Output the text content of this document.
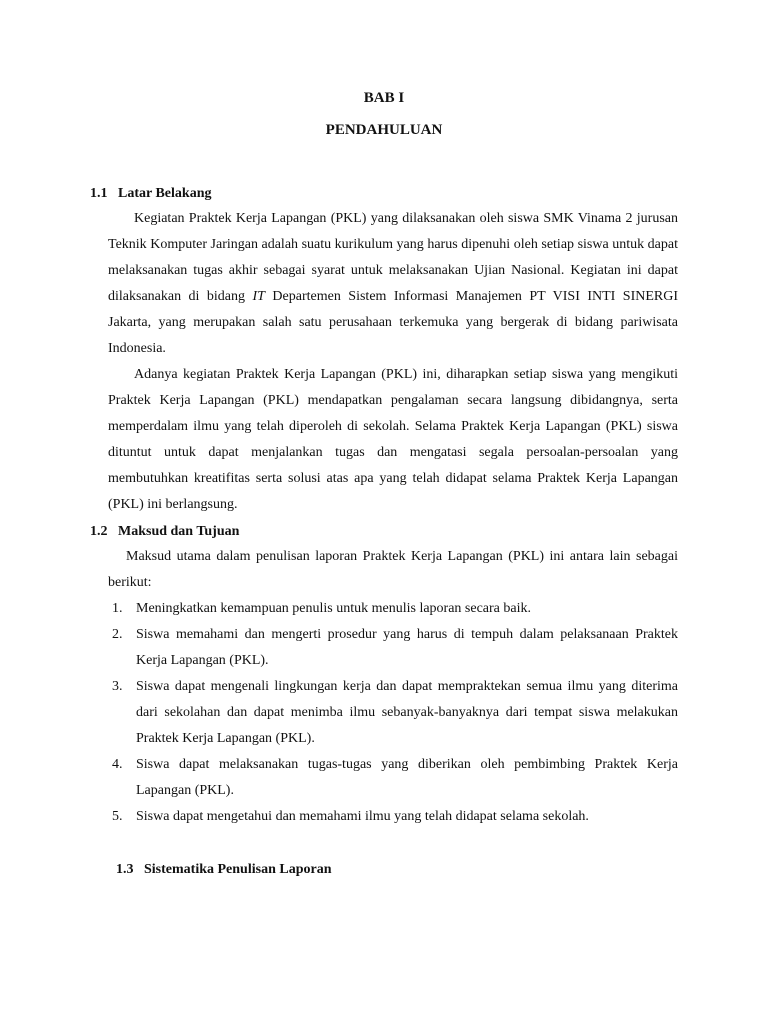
BAB I
PENDAHULUAN
1.1 Latar Belakang

Kegiatan Praktek Kerja Lapangan (PKL) yang dilaksanakan oleh siswa SMK Vinama 2 jurusan Teknik Komputer Jaringan adalah suatu kurikulum yang harus dipenuhi oleh setiap siswa untuk dapat melaksanakan tugas akhir sebagai syarat untuk melaksanakan Ujian Nasional. Kegiatan ini dapat dilaksanakan di bidang IT Departemen Sistem Informasi Manajemen PT VISI INTI SINERGI Jakarta, yang merupakan salah satu perusahaan terkemuka yang bergerak di bidang pariwisata Indonesia.

Adanya kegiatan Praktek Kerja Lapangan (PKL) ini, diharapkan setiap siswa yang mengikuti Praktek Kerja Lapangan (PKL) mendapatkan pengalaman secara langsung dibidangnya, serta memperdalam ilmu yang telah diperoleh di sekolah. Selama Praktek Kerja Lapangan (PKL) siswa dituntut untuk dapat menjalankan tugas dan mengatasi segala persoalan-persoalan yang membutuhkan kreatifitas serta solusi atas apa yang telah didapat selama Praktek Kerja Lapangan (PKL) ini berlangsung.

1.2 Maksud dan Tujuan

Maksud utama dalam penulisan laporan Praktek Kerja Lapangan (PKL) ini antara lain sebagai berikut:

1. Meningkatkan kemampuan penulis untuk menulis laporan secara baik.
2. Siswa memahami dan mengerti prosedur yang harus di tempuh dalam pelaksanaan Praktek Kerja Lapangan (PKL).
3. Siswa dapat mengenali lingkungan kerja dan dapat mempraktekan semua ilmu yang diterima dari sekolahan dan dapat menimba ilmu sebanyak-banyaknya dari tempat siswa melakukan Praktek Kerja Lapangan (PKL).
4. Siswa dapat melaksanakan tugas-tugas yang diberikan oleh pembimbing Praktek Kerja Lapangan (PKL).
5. Siswa dapat mengetahui dan memahami ilmu yang telah didapat selama sekolah.
1.3 Sistematika Penulisan Laporan
